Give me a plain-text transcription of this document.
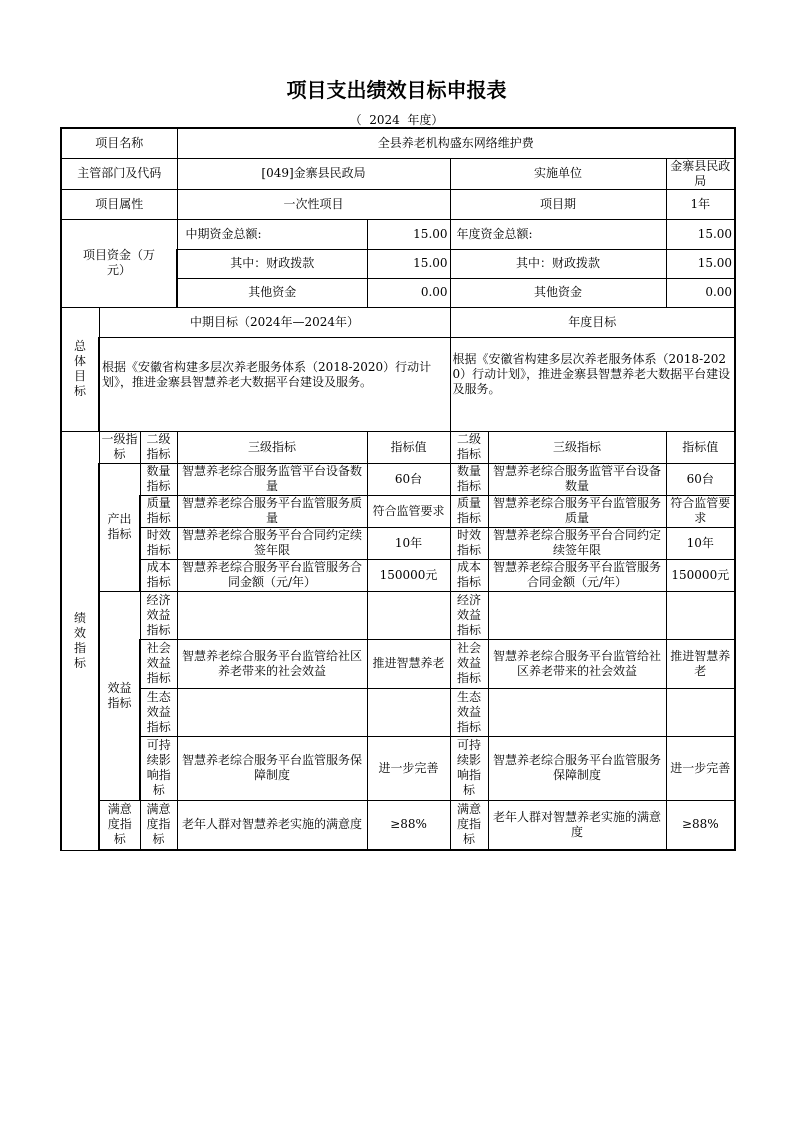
项目支出绩效目标申报表
（  2024  年度）
项目名称			全县养老机构盛东网络维护费				
主管部门及代码			[049]金寨县民政局		实施单位		金寨县民政局
项目属性			一次性项目		项目期		1年
项目资金（万元）			中期资金总额:	15.00	年度资金总额:		15.00
			其中：财政拨款	15.00	其中：财政拨款		15.00
			其他资金	0.00	其他资金		0.00
总体目标	中期目标（2024年—2024年）				年度目标		
	根据《安徽省构建多层次养老服务体系（2018-2020）行动计划》，推进金寨县智慧养老大数据平台建设及服务。				根据《安徽省构建多层次养老服务体系（2018-2020）行动计划》，推进金寨县智慧养老大数据平台建设及服务。		
绩效指标	一级指标	二级指标	三级指标	指标值	二级指标	三级指标	指标值
	产出指标	数量指标	智慧养老综合服务监管平台设备数量	60台	数量指标	智慧养老综合服务监管平台设备数量	60台
		质量指标	智慧养老综合服务平台监管服务质量	符合监管要求	质量指标	智慧养老综合服务平台监管服务质量	符合监管要求
		时效指标	智慧养老综合服务平台合同约定续签年限	10年	时效指标	智慧养老综合服务平台合同约定续签年限	10年
		成本指标	智慧养老综合服务平台监管服务合同金额（元/年）	150000元	成本指标	智慧养老综合服务平台监管服务合同金额（元/年）	150000元
	效益指标	经济效益指标			经济效益指标		
		社会效益指标	智慧养老综合服务平台监管给社区养老带来的社会效益	推进智慧养老	社会效益指标	智慧养老综合服务平台监管给社区养老带来的社会效益	推进智慧养老
		生态效益指标			生态效益指标		
		可持续影响指标	智慧养老综合服务平台监管服务保障制度	进一步完善	可持续影响指标	智慧养老综合服务平台监管服务保障制度	进一步完善
	满意度指标	满意度指标	老年人群对智慧养老实施的满意度	≥88%	满意度指标	老年人群对智慧养老实施的满意度	≥88%
